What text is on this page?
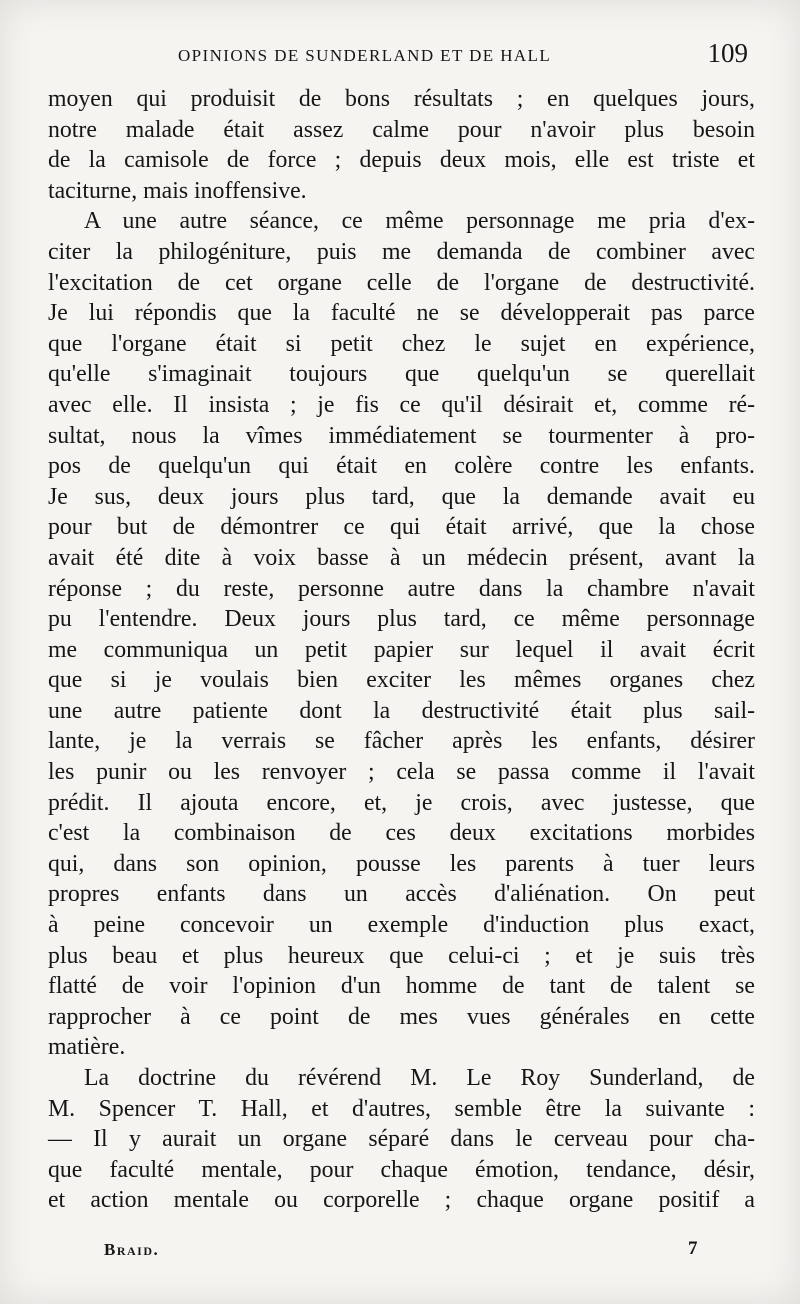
OPINIONS DE SUNDERLAND ET DE HALL	109
moyen qui produisit de bons résultats ; en quelques jours,
notre malade était assez calme pour n'avoir plus besoin
de la camisole de force ; depuis deux mois, elle est triste et
taciturne, mais inoffensive.
A une autre séance, ce même personnage me pria d'ex-
citer la philogéniture, puis me demanda de combiner avec
l'excitation de cet organe celle de l'organe de destructivité.
Je lui répondis que la faculté ne se développerait pas parce
que l'organe était si petit chez le sujet en expérience,
qu'elle s'imaginait toujours que quelqu'un se querellait
avec elle. Il insista ; je fis ce qu'il désirait et, comme ré-
sultat, nous la vîmes immédiatement se tourmenter à pro-
pos de quelqu'un qui était en colère contre les enfants.
Je sus, deux jours plus tard, que la demande avait eu
pour but de démontrer ce qui était arrivé, que la chose
avait été dite à voix basse à un médecin présent, avant la
réponse ; du reste, personne autre dans la chambre n'avait
pu l'entendre. Deux jours plus tard, ce même personnage
me communiqua un petit papier sur lequel il avait écrit
que si je voulais bien exciter les mêmes organes chez
une autre patiente dont la destructivité était plus sail-
lante, je la verrais se fâcher après les enfants, désirer
les punir ou les renvoyer ; cela se passa comme il l'avait
prédit. Il ajouta encore, et, je crois, avec justesse, que
c'est la combinaison de ces deux excitations morbides
qui, dans son opinion, pousse les parents à tuer leurs
propres enfants dans un accès d'aliénation. On peut
à peine concevoir un exemple d'induction plus exact,
plus beau et plus heureux que celui-ci ; et je suis très
flatté de voir l'opinion d'un homme de tant de talent se
rapprocher à ce point de mes vues générales en cette
matière.
La doctrine du révérend M. Le Roy Sunderland, de
M. Spencer T. Hall, et d'autres, semble être la suivante :
— Il y aurait un organe séparé dans le cerveau pour cha-
que faculté mentale, pour chaque émotion, tendance, désir,
et action mentale ou corporelle ; chaque organe positif a
Braid.	7
